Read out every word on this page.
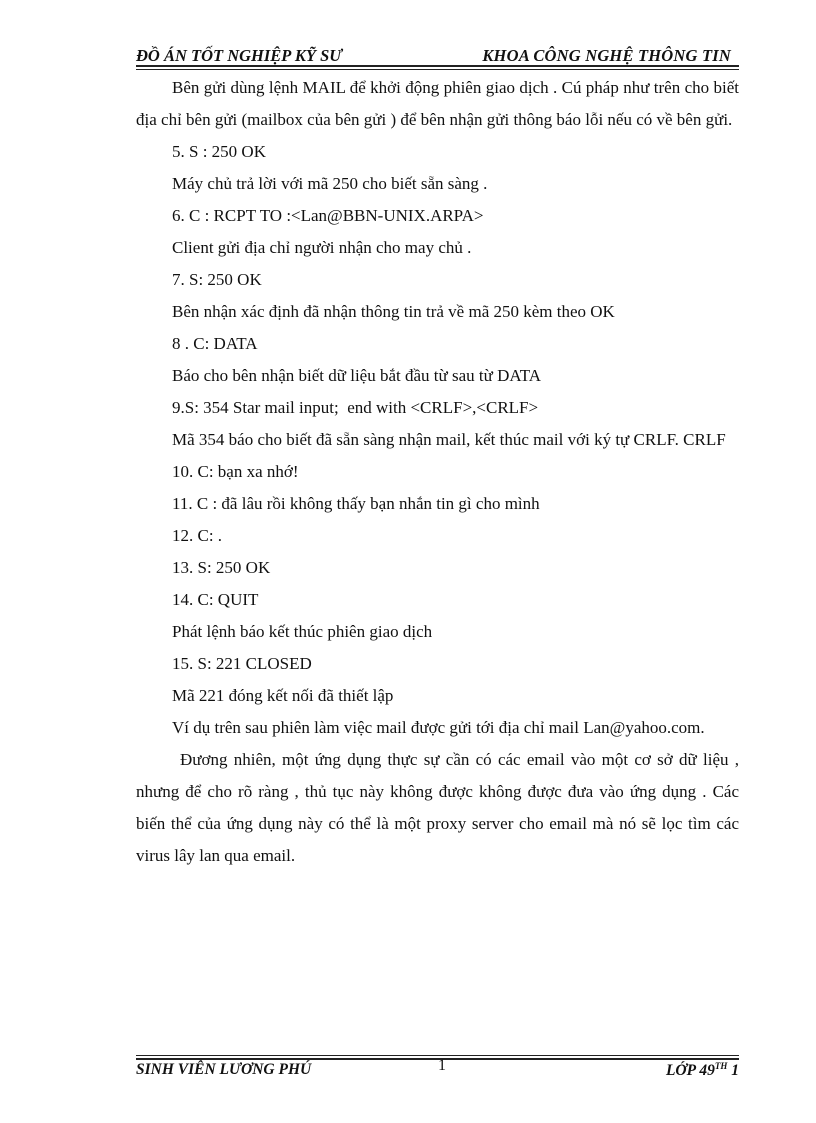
ĐỒ ÁN TỐT NGHIỆP KỸ SƯ	KHOA CÔNG NGHỆ THÔNG TIN

Bên gửi dùng lệnh MAIL để khởi động phiên giao dịch . Cú pháp như trên cho biết địa chỉ bên gửi (mailbox của bên gửi ) để bên nhận gửi thông báo lỗi nếu có về bên gửi.

5. S : 250 OK

Máy chủ trả lời với mã 250 cho biết sẵn sàng .

6. C : RCPT TO :<Lan@BBN-UNIX.ARPA>

Client gửi địa chỉ người nhận cho may chủ .

7. S: 250 OK

Bên nhận xác định đã nhận thông tin trả về mã 250 kèm theo OK

8 . C: DATA

Báo cho bên nhận biết dữ liệu bắt đầu từ sau từ DATA

9.S: 354 Star mail input;  end with <CRLF>,<CRLF>

Mã 354 báo cho biết đã sẵn sàng nhận mail, kết thúc mail với ký tự CRLF. CRLF

10. C: bạn xa nhớ!

11. C : đã lâu rồi không thấy bạn nhắn tin gì cho mình

12. C: .

13. S: 250 OK

14. C: QUIT

Phát lệnh báo kết thúc phiên giao dịch

15. S: 221 CLOSED

Mã 221 đóng kết nối đã thiết lập

Ví dụ trên sau phiên làm việc mail được gửi tới địa chỉ mail Lan@yahoo.com.

Đương nhiên, một ứng dụng thực sự cần có các email vào một cơ sở dữ liệu , nhưng để cho rõ ràng , thủ tục này không được không được đưa vào ứng dụng . Các biến thể của ứng dụng này có thể là một proxy server cho email mà nó sẽ lọc tìm các virus lây lan qua email.

SINH VIÊN LƯƠNG PHÚ	1	LỚP 49TH 1
